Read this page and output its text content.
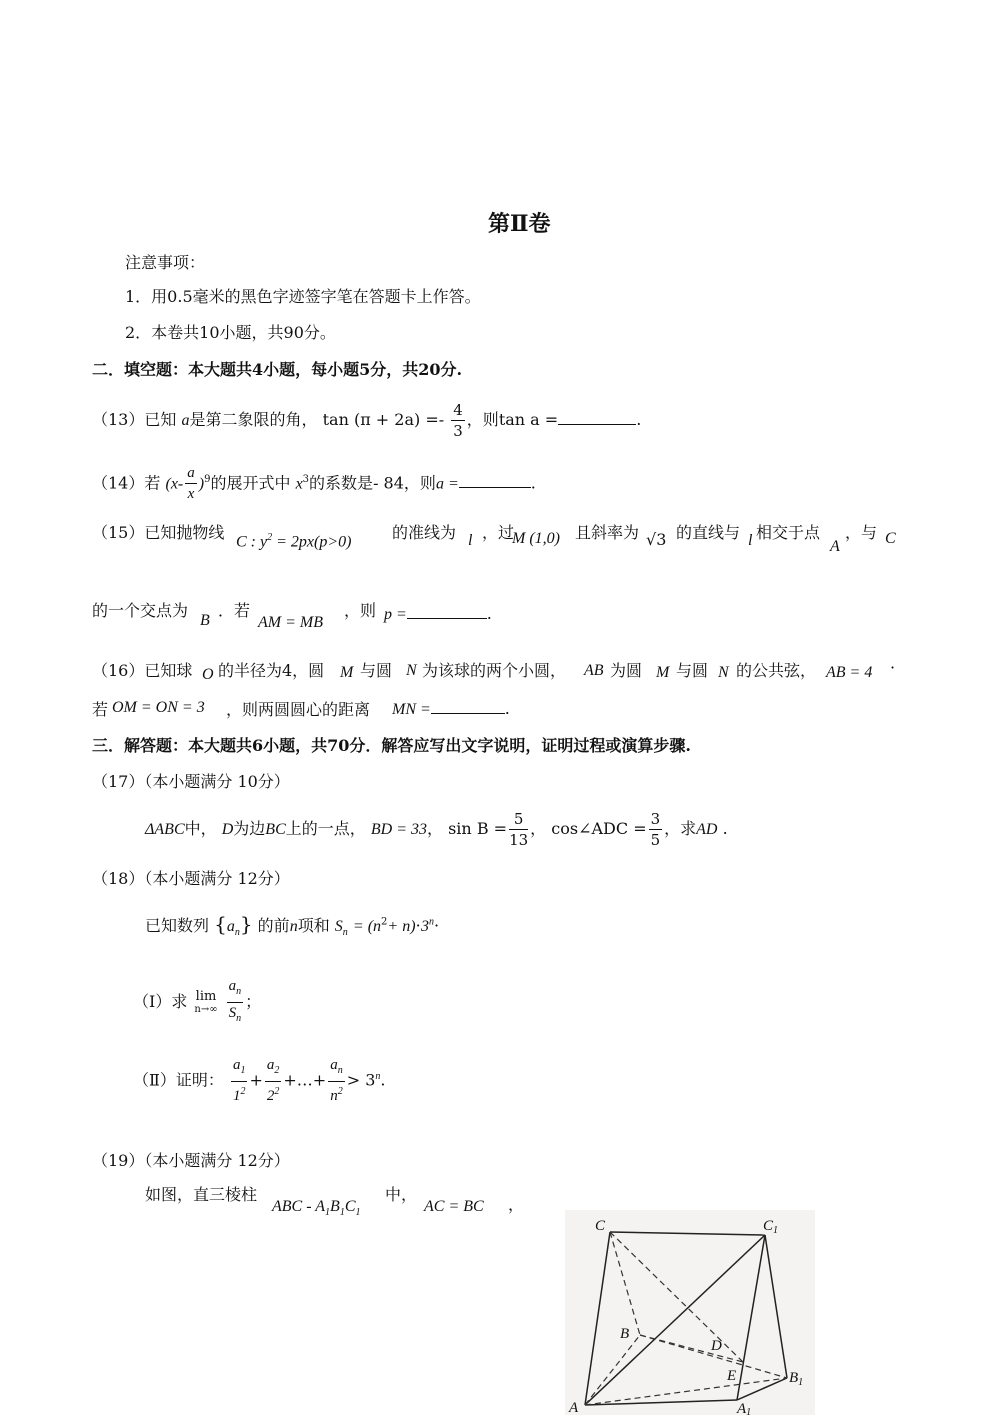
第Ⅱ卷
注意事项：
1．用0.5毫米的黑色字迹签字笔在答题卡上作答。
2．本卷共10小题，共90分。
二．填空题：本大题共4小题，每小题5分，共20分.
（13）已知 a是第二象限的角， $\tan (\pi + 2a) =- \frac{4}{3}$ ，则tan a =	.
（14）若 $(x- \frac{a}{x} )^9$的展开式中 $x^3$的系数是- 84，则a =	.
（15）已知抛物线 C : $y^2 = 2px(p>0)$	的准线为 l ，过
M (1,0) 且斜率为 √3 的直线与 l 相交于点
A
，与 C
的一个交点为
B
．若
AM = MB
，则 p =	.
（16）已知球 O 的半径为4，圆 M 与圆 N 为该球的两个小圆， AB 为圆 M 与圆 N 的公共弦， AB = 4 ·
若 OM = ON = 3 ，则两圆圆心的距离 MN =	.
三．解答题：本大题共6小题，共70分．解答应写出文字说明，证明过程或演算步骤.
（17）（本小题满分 10分）
ΔABC中， D为边BC上的一点， BD = 33， $\sin B = \frac{5}{13}$ ， cos∠ADC = $\frac{3}{5}$ ，求AD .
（18）（本小题满分 12分）
已知数列 $\{a_n\}$ 的前n项和 $S_n = (n^2+ n)\cdot 3^n\cdot$
（Ⅰ）求 lim
n→∞
$\frac{a_n}{S_n}$ ；
（Ⅱ）证明： $\frac{a_1}{1^2} + \frac{a_2}{2^2}$ +…+ $\frac{a_n}{n^2} > 3^n$.
（19）（本小题满分 12分）
如图，直三棱柱
ABC - $A_1B_1C_1$
中，
AC = BC ，
C	$C_1$
B
D
$B_1$
E
A	A1
